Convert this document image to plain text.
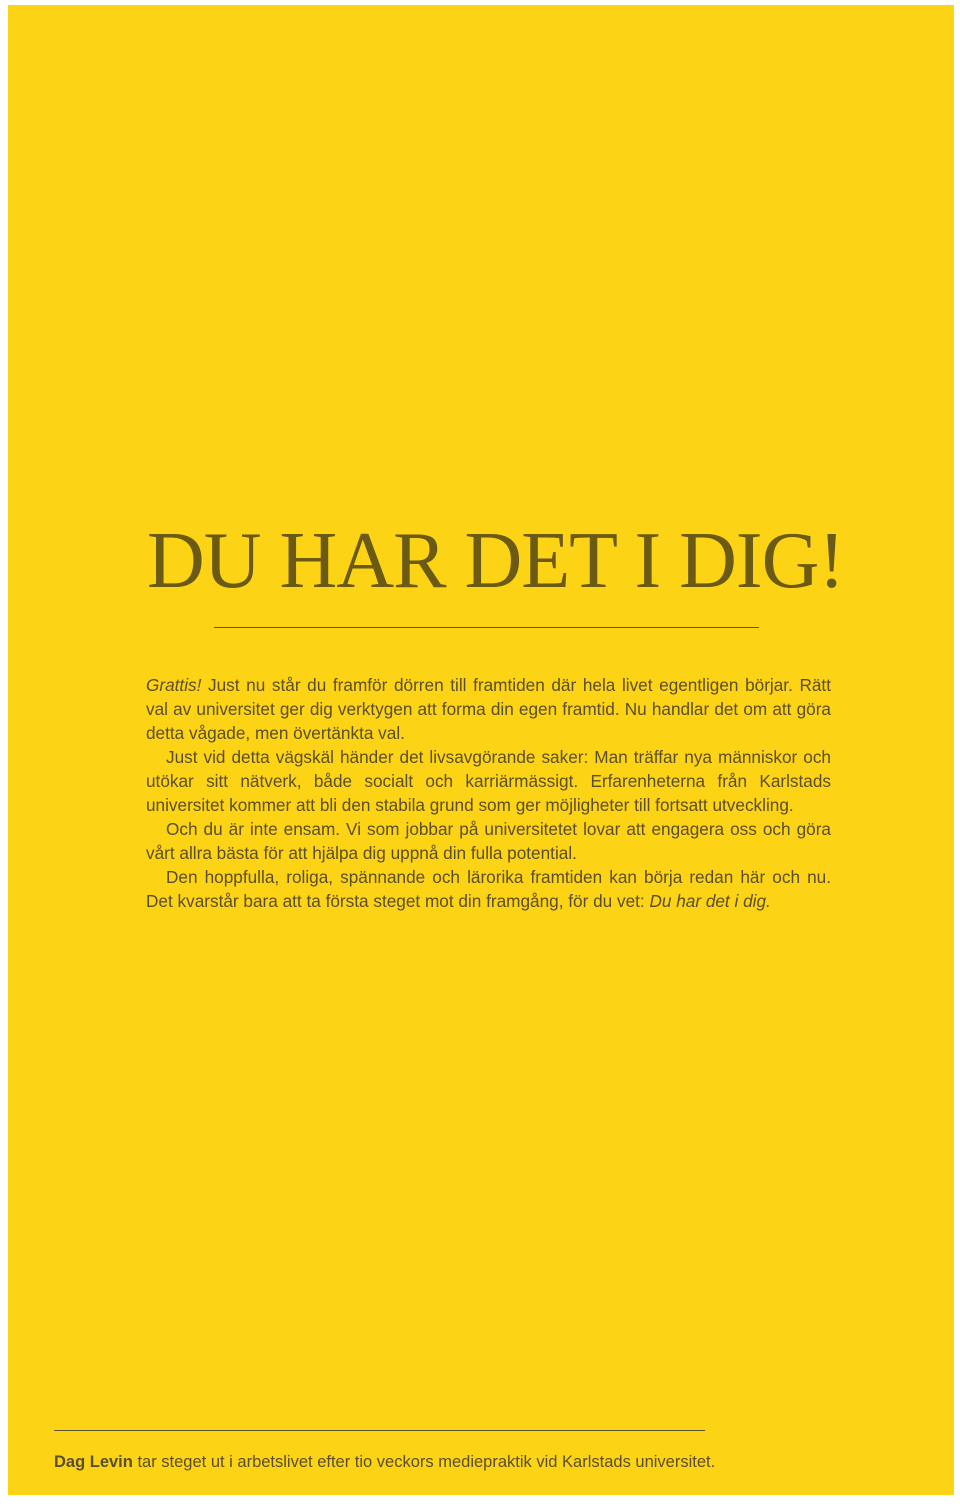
DU HAR DET I DIG!

Grattis! Just nu står du framför dörren till framtiden där hela livet egentligen börjar. Rätt val av universitet ger dig verktygen att forma din egen framtid. Nu handlar det om att göra detta vågade, men övertänkta val.

Just vid detta vägskäl händer det livsavgörande saker: Man träffar nya människor och utökar sitt nätverk, både socialt och karriärmässigt. Erfarenheterna från Karlstads universitet kommer att bli den stabila grund som ger möjligheter till fortsatt utveckling.

Och du är inte ensam. Vi som jobbar på universitetet lovar att engagera oss och göra vårt allra bästa för att hjälpa dig uppnå din fulla potential.

Den hoppfulla, roliga, spännande och lärorika framtiden kan börja redan här och nu. Det kvarstår bara att ta första steget mot din framgång, för du vet: Du har det i dig.

Dag Levin tar steget ut i arbetslivet efter tio veckors mediepraktik vid Karlstads universitet.
